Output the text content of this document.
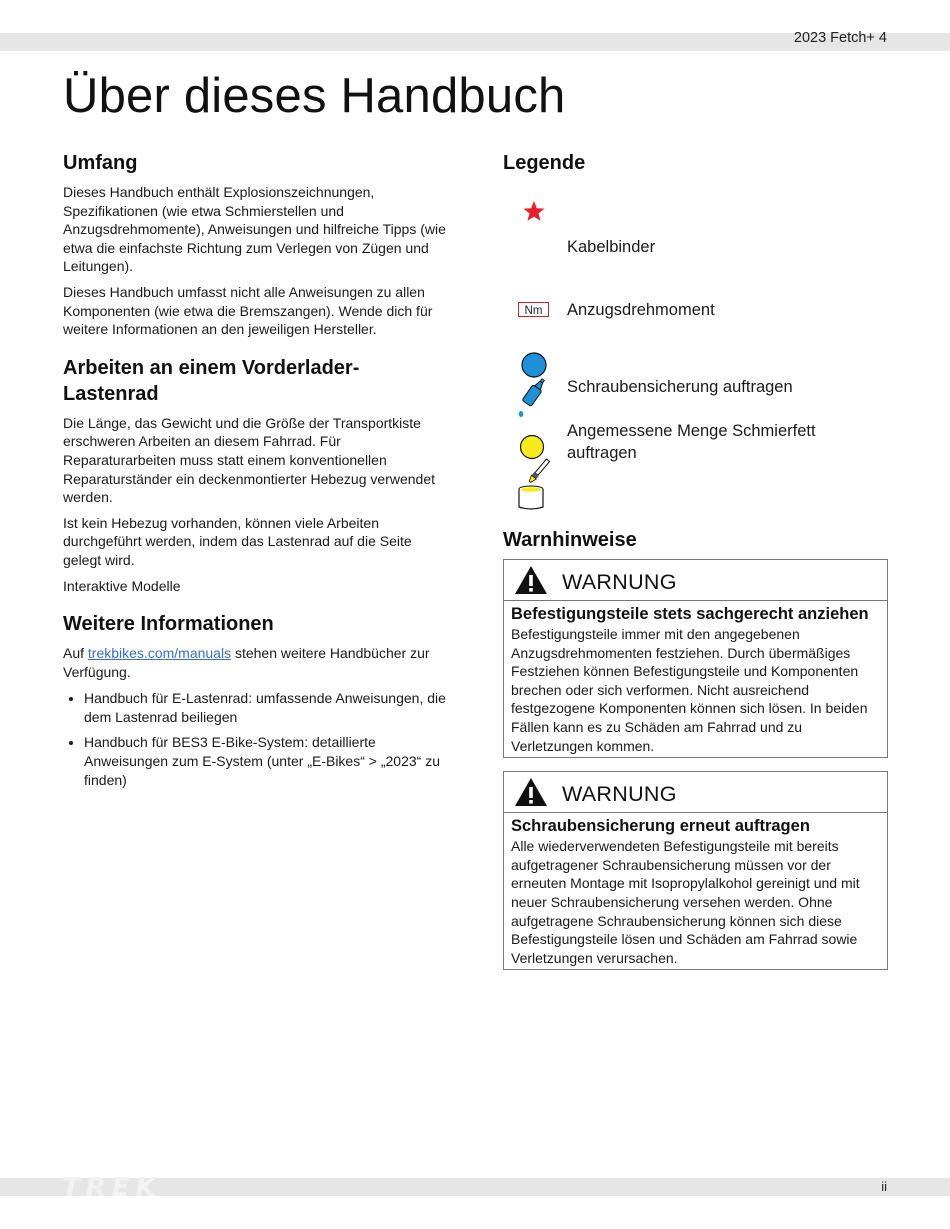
2023 Fetch+ 4
Über dieses Handbuch
Umfang

Dieses Handbuch enthält Explosionszeichnungen, Spezifikationen (wie etwa Schmierstellen und Anzugsdrehmomente), Anweisungen und hilfreiche Tipps (wie etwa die einfachste Richtung zum Verlegen von Zügen und Leitungen).

Dieses Handbuch umfasst nicht alle Anweisungen zu allen Komponenten (wie etwa die Bremszangen). Wende dich für weitere Informationen an den jeweiligen Hersteller.

Arbeiten an einem Vorderlader-Lastenrad

Die Länge, das Gewicht und die Größe der Transportkiste erschweren Arbeiten an diesem Fahrrad. Für Reparaturarbeiten muss statt einem konventionellen Reparaturständer ein deckenmontierter Hebezug verwendet werden.

Ist kein Hebezug vorhanden, können viele Arbeiten durchgeführt werden, indem das Lastenrad auf die Seite gelegt wird.

Interaktive Modelle

Weitere Informationen

Auf trekbikes.com/manuals stehen weitere Handbücher zur Verfügung.

• Handbuch für E-Lastenrad: umfassende Anweisungen, die dem Lastenrad beiliegen
• Handbuch für BES3 E-Bike-System: detaillierte Anweisungen zum E-System (unter „E-Bikes“ > „2023“ zu finden)
Legende
Kabelbinder
Nm Anzugsdrehmoment
Schraubensicherung auftragen
Angemessene Menge Schmierfett auftragen
Warnhinweise
WARNUNG
Befestigungsteile stets sachgerecht anziehen

Befestigungsteile immer mit den angegebenen Anzugsdrehmomenten festziehen. Durch übermäßiges Festziehen können Befestigungsteile und Komponenten brechen oder sich verformen. Nicht ausreichend festgezogene Komponenten können sich lösen. In beiden Fällen kann es zu Schäden am Fahrrad und zu Verletzungen kommen.

WARNUNG
Schraubensicherung erneut auftragen

Alle wiederverwendeten Befestigungsteile mit bereits aufgetragener Schraubensicherung müssen vor der erneuten Montage mit Isopropylalkohol gereinigt und mit neuer Schraubensicherung versehen werden. Ohne aufgetragene Schraubensicherung können sich diese Befestigungsteile lösen und Schäden am Fahrrad sowie Verletzungen verursachen.

TREK	ii
